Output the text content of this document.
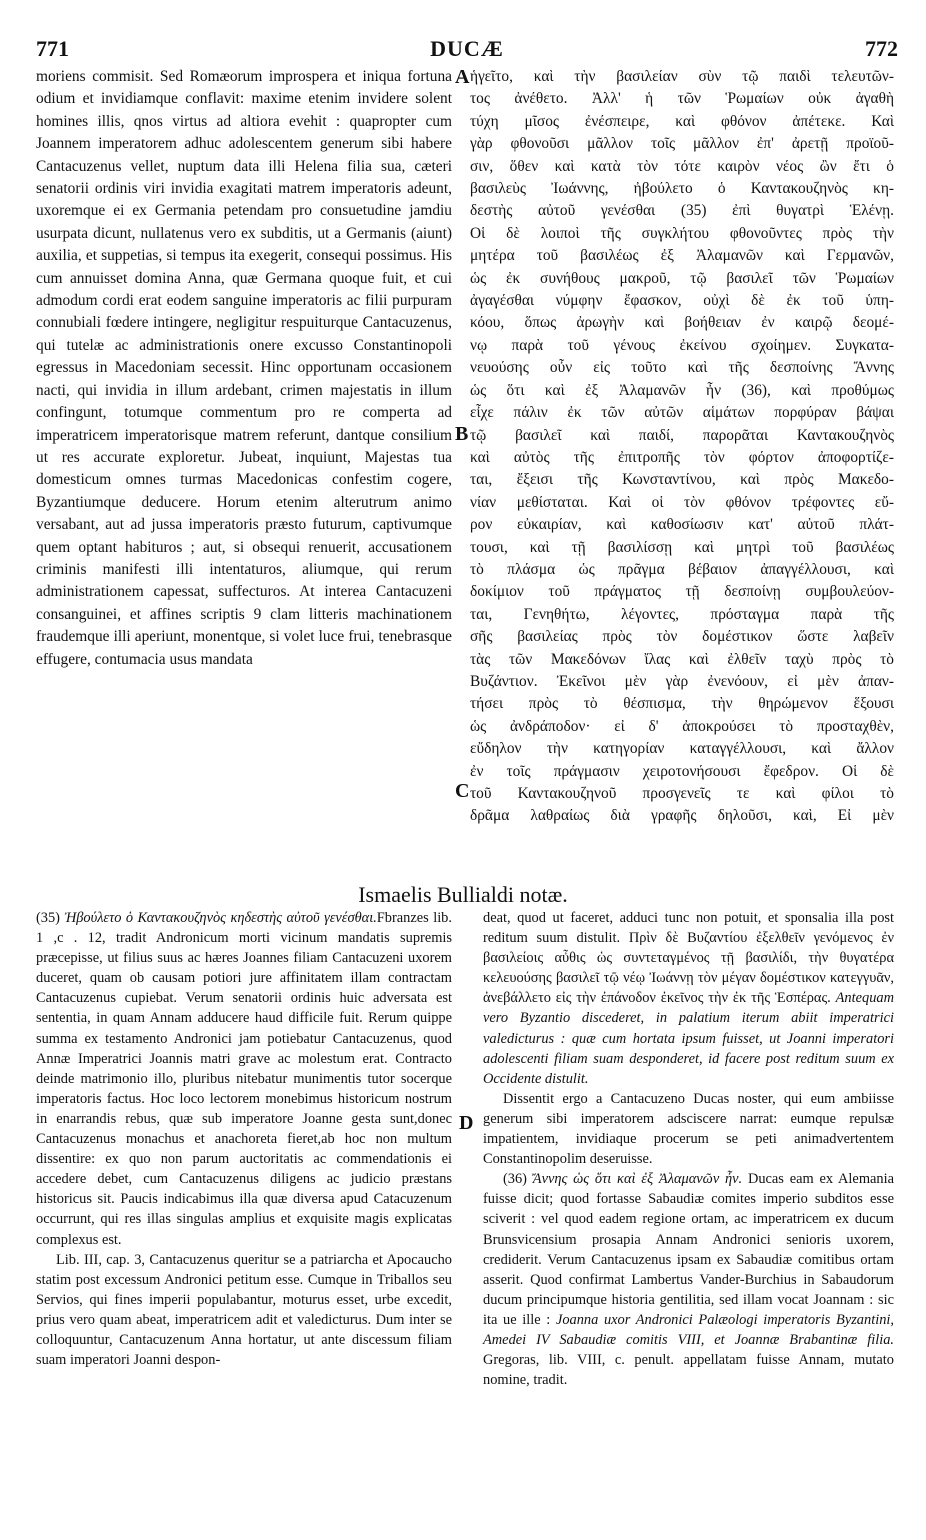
771	DUCÆ	772

moriens commisit. Sed Romæorum improspera et iniqua fortuna odium et invidiamque conflavit: maxime etenim invidere solent homines illis, qnos virtus ad altiora evehit : quapropter cum Joannem imperatorem adhuc adolescentem generum sibi habere Cantacuzenus vellet, nuptum data illi Helena filia sua, cæteri senatorii ordinis viri invidia exagitati matrem imperatoris adeunt, uxoremque ei ex Germania petendam pro consuetudine jamdiu usurpata dicunt, nullatenus vero ex subditis, ut a Germanis (aiunt) auxilia, et suppetias, si tempus ita exegerit, consequi possimus. His cum annuisset domina Anna, quæ Germana quoque fuit, et cui admodum cordi erat eodem sanguine imperatoris ac filii purpuram connubiali fœdere intingere, negligitur respuiturque Cantacuzenus, qui tutelæ ac administrationis onere excusso Constantinopoli egressus in Macedoniam secessit. Hinc opportunam occasionem nacti, qui invidia in illum ardebant, crimen majestatis in illum confingunt, totumque commentum pro re comperta ad imperatricem imperatorisque matrem referunt, dantque consilium ut res accurate exploretur. Jubeat, inquiunt, Majestas tua domesticum omnes turmas Macedonicas confestim cogere, Byzantiumque deducere. Horum etenim alterutrum animo versabant, aut ad jussa imperatoris præsto futurum, captivumque quem optant habituros ; aut, si obsequi renuerit, accusationem criminis manifesti illi intentaturos, aliumque, qui rerum administrationem capessat, suffecturos. At interea Cantacuzeni consanguinei, et affines scriptis 9 clam litteris machinationem fraudemque illi aperiunt, monentque, si volet luce frui, tenebrasque effugere, contumacia usus mandata

A
B
C
D
ἡγεῖτο, καὶ τὴν βασιλείαν σὺν τῷ παιδὶ τελευτῶν-
τος ἀνέθετο. Ἀλλ' ἡ τῶν Ῥωμαίων οὐκ ἀγαθὴ
τύχη μῖσος ἐνέσπειρε, καὶ φθόνον ἀπέτεκε. Καὶ
γὰρ φθονοῦσι μᾶλλον τοῖς μᾶλλον ἐπ' ἀρετῇ προϊοῦ-
σιν, ὅθεν καὶ κατὰ τὸν τότε καιρὸν νέος ὢν ἔτι ὁ
βασιλεὺς Ἰωάννης, ἠβούλετο ὁ Καντακουζηνὸς κη-
δεστὴς αὐτοῦ γενέσθαι (35) ἐπὶ θυγατρὶ Ἑλένῃ.
Οἱ δὲ λοιποὶ τῆς συγκλήτου φθονοῦντες πρὸς τὴν
μητέρα τοῦ βασιλέως ἐξ Ἀλαμανῶν καὶ Γερμανῶν,
ὡς ἐκ συνήθους μακροῦ, τῷ βασιλεῖ τῶν Ῥωμαίων
ἀγαγέσθαι νύμφην ἔφασκον, οὐχὶ δὲ ἐκ τοῦ ὑπη-
κόου, ὅπως ἀρωγὴν καὶ βοήθειαν ἐν καιρῷ δεομέ-
νῳ παρὰ τοῦ γένους ἐκείνου σχοίημεν. Συγκατα-
νευούσης οὖν εἰς τοῦτο καὶ τῆς δεσποίνης Ἄννης
ὡς ὅτι καὶ ἐξ Ἀλαμανῶν ἦν (36), καὶ προθύμως
εἶχε πάλιν ἐκ τῶν αὐτῶν αἱμάτων πορφύραν βάψαι
τῷ βασιλεῖ καὶ παιδί, παρορᾶται Καντακουζηνὸς
καὶ αὐτὸς τῆς ἐπιτροπῆς τὸν φόρτον ἀποφορτίζε-
ται, ἔξεισι τῆς Κωνσταντίνου, καὶ πρὸς Μακεδο-
νίαν μεθίσταται. Καὶ οἱ τὸν φθόνον τρέφοντες εὔ-
ρον εὐκαιρίαν, καὶ καθοσίωσιν κατ' αὐτοῦ πλάτ-
τουσι, καὶ τῇ βασιλίσσῃ καὶ μητρὶ τοῦ βασιλέως
τὸ πλάσμα ὡς πρᾶγμα βέβαιον ἀπαγγέλλουσι, καὶ
δοκίμιον τοῦ πράγματος τῇ δεσποίνῃ συμβουλεύον-
ται, Γενηθήτω, λέγοντες, πρόσταγμα παρὰ τῆς
σῆς βασιλείας πρὸς τὸν δομέστικον ὥστε λαβεῖν
τὰς τῶν Μακεδόνων ἴλας καὶ ἐλθεῖν ταχὺ πρὸς τὸ
Βυζάντιον. Ἐκεῖνοι μὲν γὰρ ἐνενόουν, εἰ μὲν ἀπαν-
τήσει πρὸς τὸ θέσπισμα, τὴν θηρώμενον ἕξουσι
ὡς ἀνδράποδον· εἰ δ' ἀποκρούσει τὸ προσταχθὲν,
εὔδηλον τὴν κατηγορίαν καταγγέλλουσι, καὶ ἄλλον
ἐν τοῖς πράγμασιν χειροτονήσουσι ἔφεδρον. Οἱ δὲ
τοῦ Καντακουζηνοῦ προσγενεῖς τε καὶ φίλοι τὸ
δρᾶμα λαθραίως διὰ γραφῆς δηλοῦσι, καὶ, Εἰ μὲν
Ismaelis Bullialdi notæ.

(35) Ἠβούλετο ὁ Καντακουζηνὸς κηδεστὴς αὐτοῦ γενέσθαι.Fbranzes lib. 1 ,c . 12, tradit Andronicum morti vicinum mandatis supremis præcepisse, ut filius suus ac hæres Joannes filiam Cantacuzeni uxorem duceret, quam ob causam potiori jure affinitatem illam contractam Cantacuzenus cupiebat. Verum senatorii ordinis huic adversata est sententia, in quam Annam adducere haud difficile fuit. Rerum quippe summa ex testamento Andronici jam potiebatur Cantacuzenus, quod Annæ Imperatrici Joannis matri grave ac molestum erat. Contracto deinde matrimonio illo, pluribus nitebatur munimentis tutor socerque imperatoris factus. Hoc loco lectorem monebimus historicum nostrum in enarrandis rebus, quæ sub imperatore Joanne gesta sunt,donec Cantacuzenus monachus et anachoreta fieret,ab hoc non multum dissentire: ex quo non parum auctoritatis ac commendationis ei accedere debet, cum Cantacuzenus diligens ac judicio præstans historicus sit. Paucis indicabimus illa quæ diversa apud Catacuzenum occurrunt, qui res illas singulas amplius et exquisite magis explicatas complexus est.

Lib. III, cap. 3, Cantacuzenus queritur se a patriarcha et Apocaucho statim post excessum Andronici petitum esse. Cumque in Triballos seu Servios, qui fines imperii populabantur, moturus esset, urbe excedit, prius vero quam abeat, imperatricem adit et valedicturus. Dum inter se colloquuntur, Cantacuzenum Anna hortatur, ut ante discessum filiam suam imperatori Joanni despon-

deat, quod ut faceret, adduci tunc non potuit, et sponsalia illa post reditum suum distulit. Πρὶν δὲ Βυζαντίου ἐξελθεῖν γενόμενος ἐν βασιλείοις αὖθις ὡς συντεταγμένος τῇ βασιλίδι, τὴν θυγατέρα κελευούσης βασιλεῖ τῷ νέῳ Ἰωάννῃ τὸν μέγαν δομέστικον κατεγγυᾶν, ἀνεβάλλετο εἰς τὴν ἐπάνοδον ἐκεῖνος τὴν ἐκ τῆς Ἑσπέρας. Antequam vero Byzantio discederet, in palatium iterum abiit imperatrici valedicturus : quæ cum hortata ipsum fuisset, ut Joanni imperatori adolescenti filiam suam desponderet, id facere post reditum suum ex Occidente distulit.

Dissentit ergo a Cantacuzeno Ducas noster, qui eum ambiisse generum sibi imperatorem adsciscere narrat: eumque repulsæ impatientem, invidiaque procerum se peti animadvertentem Constantinopolim deseruisse.

(36) Ἄννης ὡς ὅτι καὶ ἐξ Ἀλαμανῶν ἦν. Ducas eam ex Alemania fuisse dicit; quod fortasse Sabaudiæ comites imperio subditos esse sciverit : vel quod eadem regione ortam, ac imperatricem ex ducum Brunsvicensium prosapia Annam Andronici senioris uxorem, crediderit. Verum Cantacuzenus ipsam ex Sabaudiæ comitibus ortam asserit. Quod confirmat Lambertus Vander-Burchius in Sabaudorum ducum principumque historia gentilitia, sed illam vocat Joannam : sic ita ue ille : Joanna uxor Andronici Palæologi imperatoris Byzantini, Amedei IV Sabaudiæ comitis VIII, et Joannæ Brabantinæ filia. Gregoras, lib. VIII, c. penult. appellatam fuisse Annam, mutato nomine, tradit.
